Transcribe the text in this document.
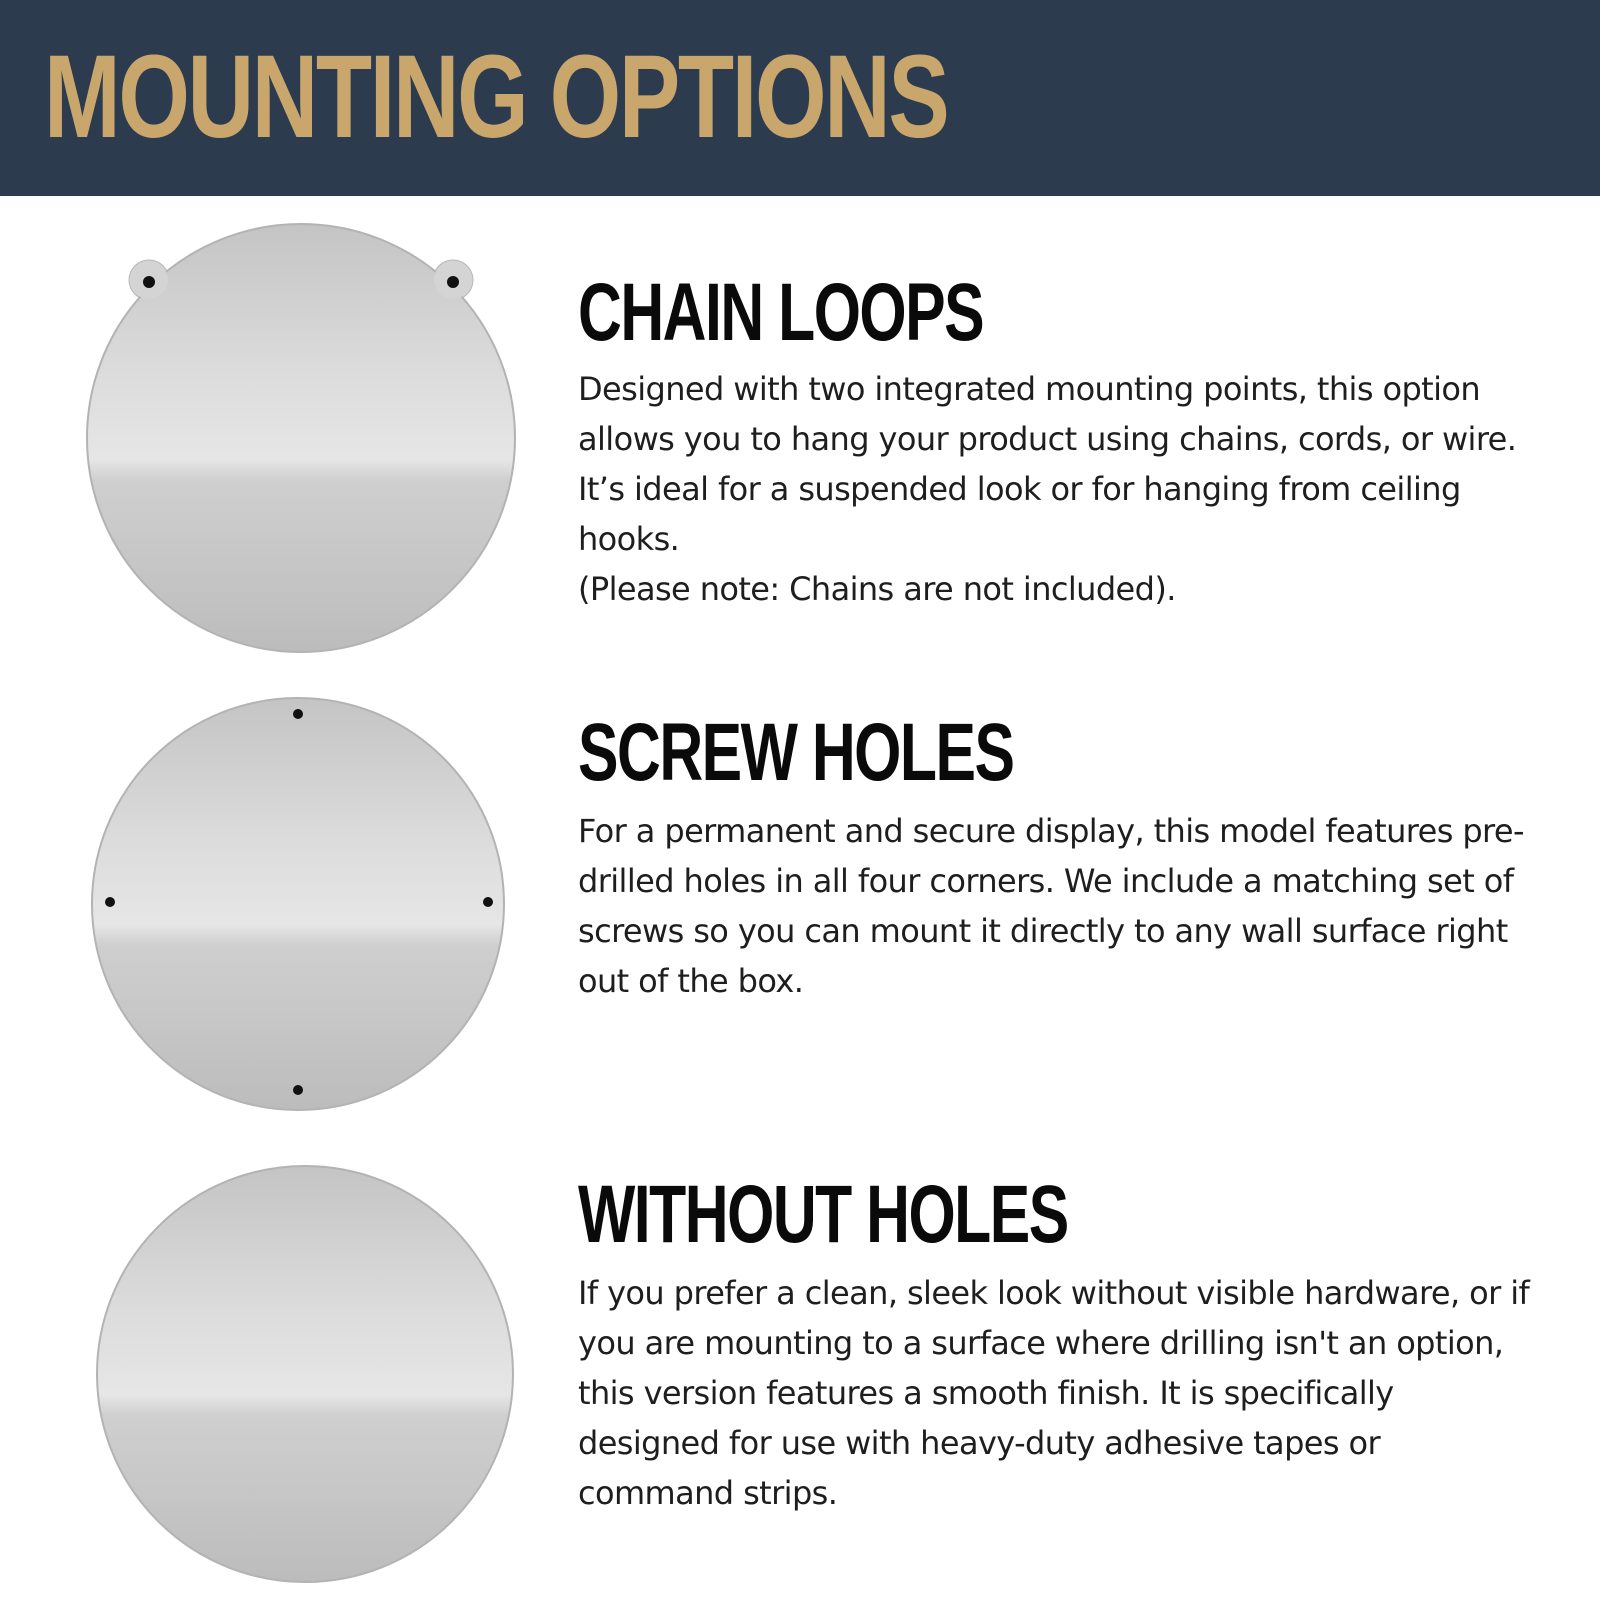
MOUNTING OPTIONS
CHAIN LOOPS

Designed with two integrated mounting points, this option allows you to hang your product using chains, cords, or wire. It’s ideal for a suspended look or for hanging from ceiling hooks.

(Please note: Chains are not included).

SCREW HOLES

For a permanent and secure display, this model features pre-drilled holes in all four corners. We include a matching set of screws so you can mount it directly to any wall surface right out of the box.

WITHOUT HOLES

If you prefer a clean, sleek look without visible hardware, or if you are mounting to a surface where drilling isn't an option, this version features a smooth finish. It is specifically designed for use with heavy-duty adhesive tapes or command strips.
